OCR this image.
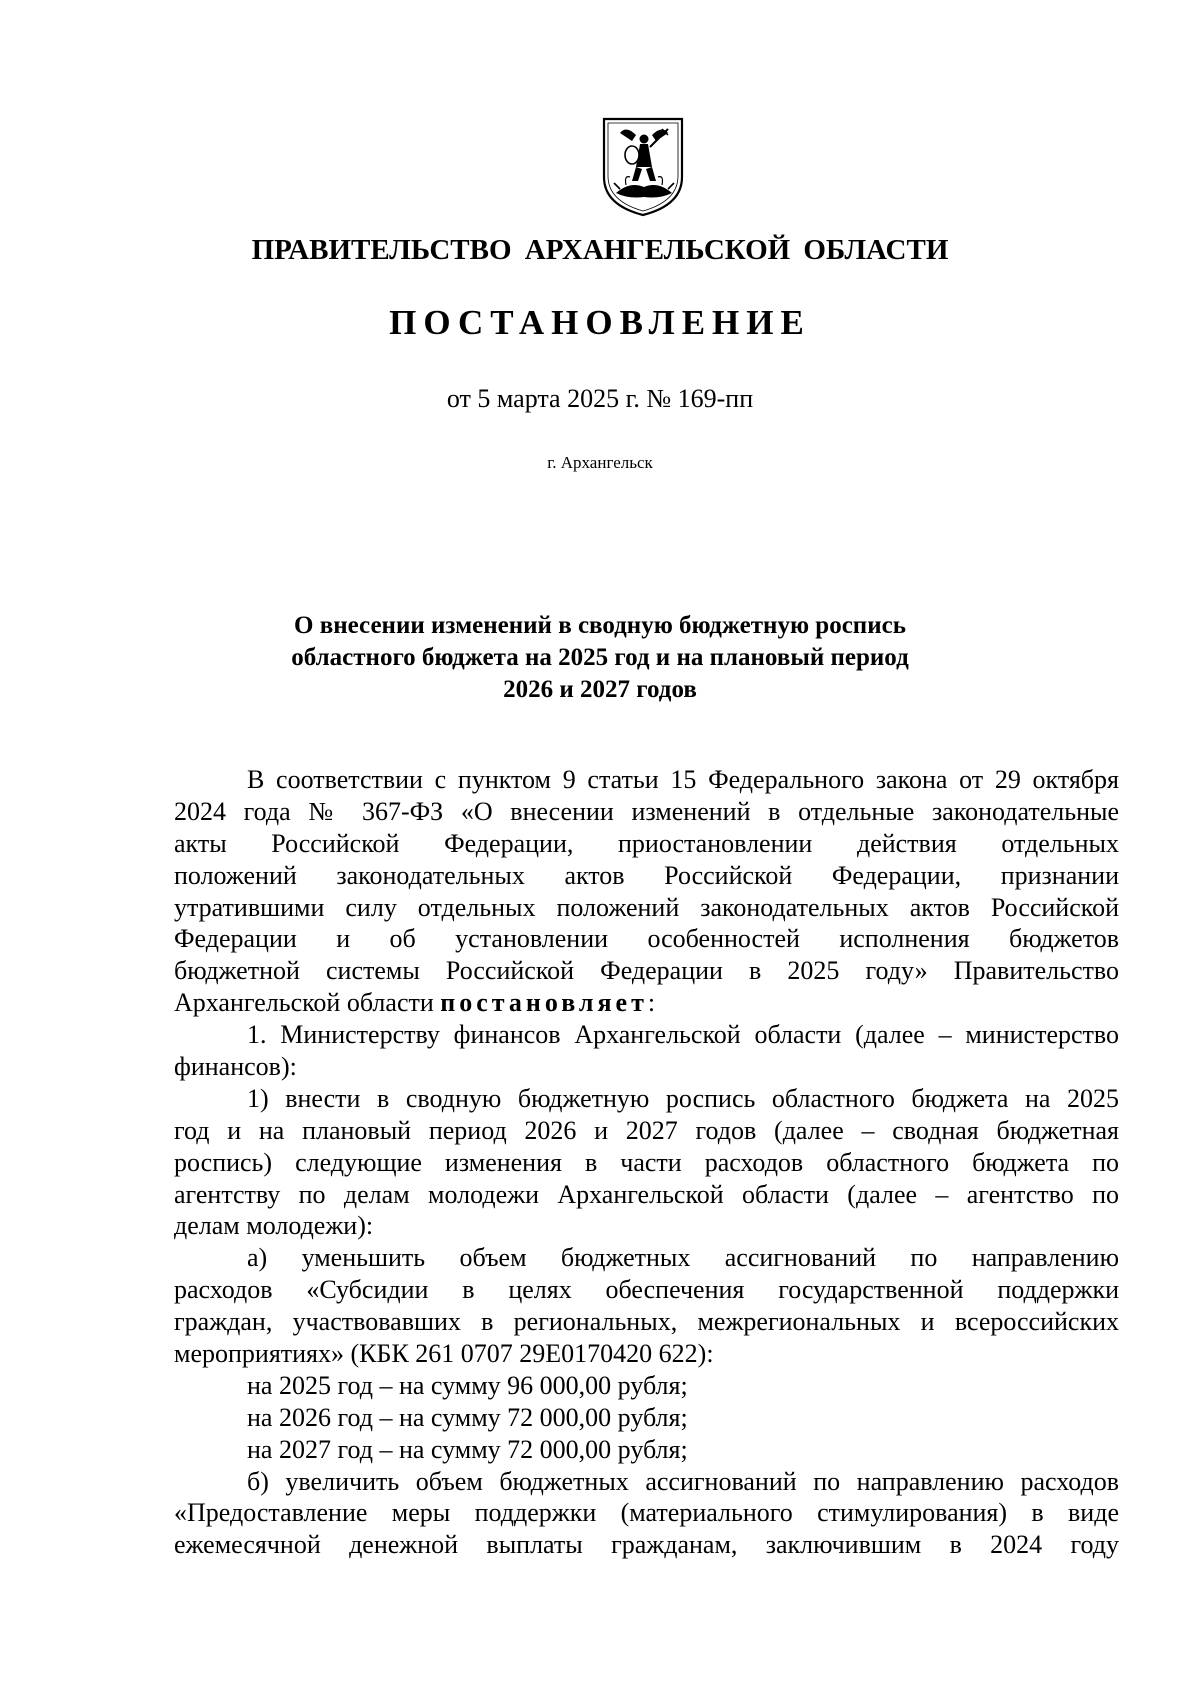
ПРАВИТЕЛЬСТВО АРХАНГЕЛЬСКОЙ ОБЛАСТИ
ПОСТАНОВЛЕНИЕ
от 5 марта 2025 г. № 169-пп
г. Архангельск
О внесении изменений в сводную бюджетную роспись
областного бюджета на 2025 год и на плановый период
2026 и 2027 годов
В соответствии с пунктом 9 статьи 15 Федерального закона от 29 октября
2024 года № 367-ФЗ «О внесении изменений в отдельные законодательные
акты Российской Федерации, приостановлении действия отдельных
положений законодательных актов Российской Федерации, признании
утратившими силу отдельных положений законодательных актов Российской
Федерации и об установлении особенностей исполнения бюджетов
бюджетной системы Российской Федерации в 2025 году» Правительство
Архангельской области постановляет:
1. Министерству финансов Архангельской области (далее – министерство
финансов):
1) внести в сводную бюджетную роспись областного бюджета на 2025
год и на плановый период 2026 и 2027 годов (далее – сводная бюджетная
роспись) следующие изменения в части расходов областного бюджета по
агентству по делам молодежи Архангельской области (далее – агентство по
делам молодежи):
а) уменьшить объем бюджетных ассигнований по направлению
расходов «Субсидии в целях обеспечения государственной поддержки
граждан, участвовавших в региональных, межрегиональных и всероссийских
мероприятиях» (КБК 261 0707 29Е0170420 622):
на 2025 год – на сумму 96 000,00 рубля;
на 2026 год – на сумму 72 000,00 рубля;
на 2027 год – на сумму 72 000,00 рубля;
б) увеличить объем бюджетных ассигнований по направлению расходов
«Предоставление меры поддержки (материального стимулирования) в виде
ежемесячной денежной выплаты гражданам, заключившим в 2024 году
